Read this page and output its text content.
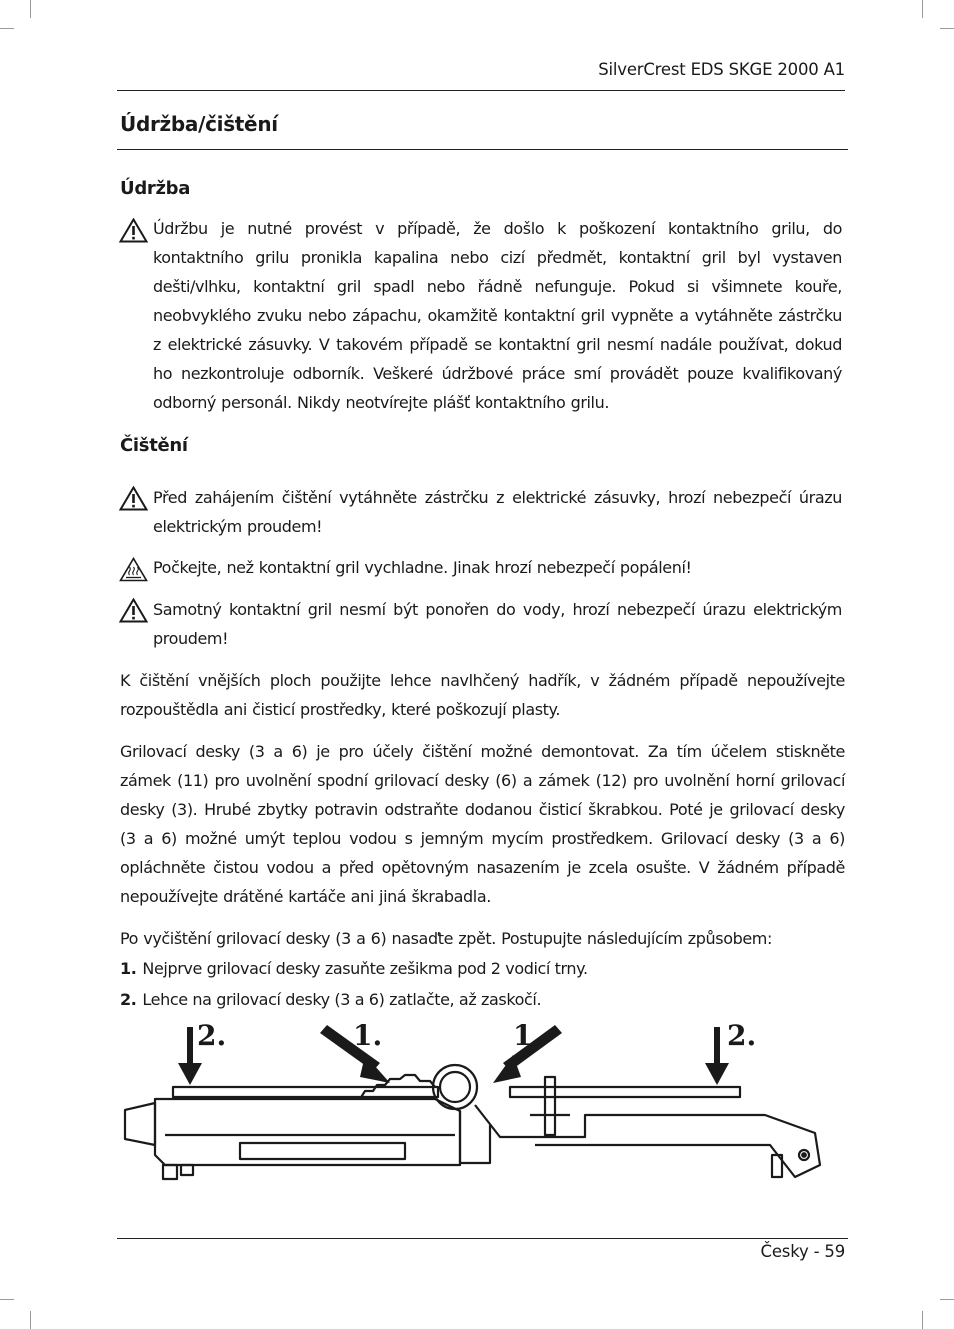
SilverCrest EDS SKGE 2000 A1
Údržba/čištění
Údržba

Údržbu je nutné provést v případě, že došlo k poškození kontaktního grilu, do kontaktního grilu pronikla kapalina nebo cizí předmět, kontaktní gril byl vystaven dešti/vlhku, kontaktní gril spadl nebo řádně nefunguje. Pokud si všimnete kouře, neobvyklého zvuku nebo zápachu, okamžitě kontaktní gril vypněte a vytáhněte zástrčku z elektrické zásuvky. V takovém případě se kontaktní gril nesmí nadále používat, dokud ho nezkontroluje odborník. Veškeré údržbové práce smí provádět pouze kvalifikovaný odborný personál. Nikdy neotvírejte plášť kontaktního grilu.

Čištění

Před zahájením čištění vytáhněte zástrčku z elektrické zásuvky, hrozí nebezpečí úrazu elektrickým proudem!

Počkejte, než kontaktní gril vychladne. Jinak hrozí nebezpečí popálení!

Samotný kontaktní gril nesmí být ponořen do vody, hrozí nebezpečí úrazu elektrickým proudem!

K čištění vnějších ploch použijte lehce navlhčený hadřík, v žádném případě nepoužívejte rozpouštědla ani čisticí prostředky, které poškozují plasty.

Grilovací desky (3 a 6) je pro účely čištění možné demontovat. Za tím účelem stiskněte zámek (11) pro uvolnění spodní grilovací desky (6) a zámek (12) pro uvolnění horní grilovací desky (3). Hrubé zbytky potravin odstraňte dodanou čisticí škrabkou. Poté je grilovací desky (3 a 6) možné umýt teplou vodou s jemným mycím prostředkem. Grilovací desky (3 a 6) opláchněte čistou vodou a před opětovným nasazením je zcela osušte. V žádném případě nepoužívejte drátěné kartáče ani jiná škrabadla.

Po vyčištění grilovací desky (3 a 6) nasaďte zpět. Postupujte následujícím způsobem:

1. Nejprve grilovací desky zasuňte zešikma pod 2 vodicí trny.

2. Lehce na grilovací desky (3 a 6) zatlačte, až zaskočí.

2.	1.	1.	2.
Česky - 59
